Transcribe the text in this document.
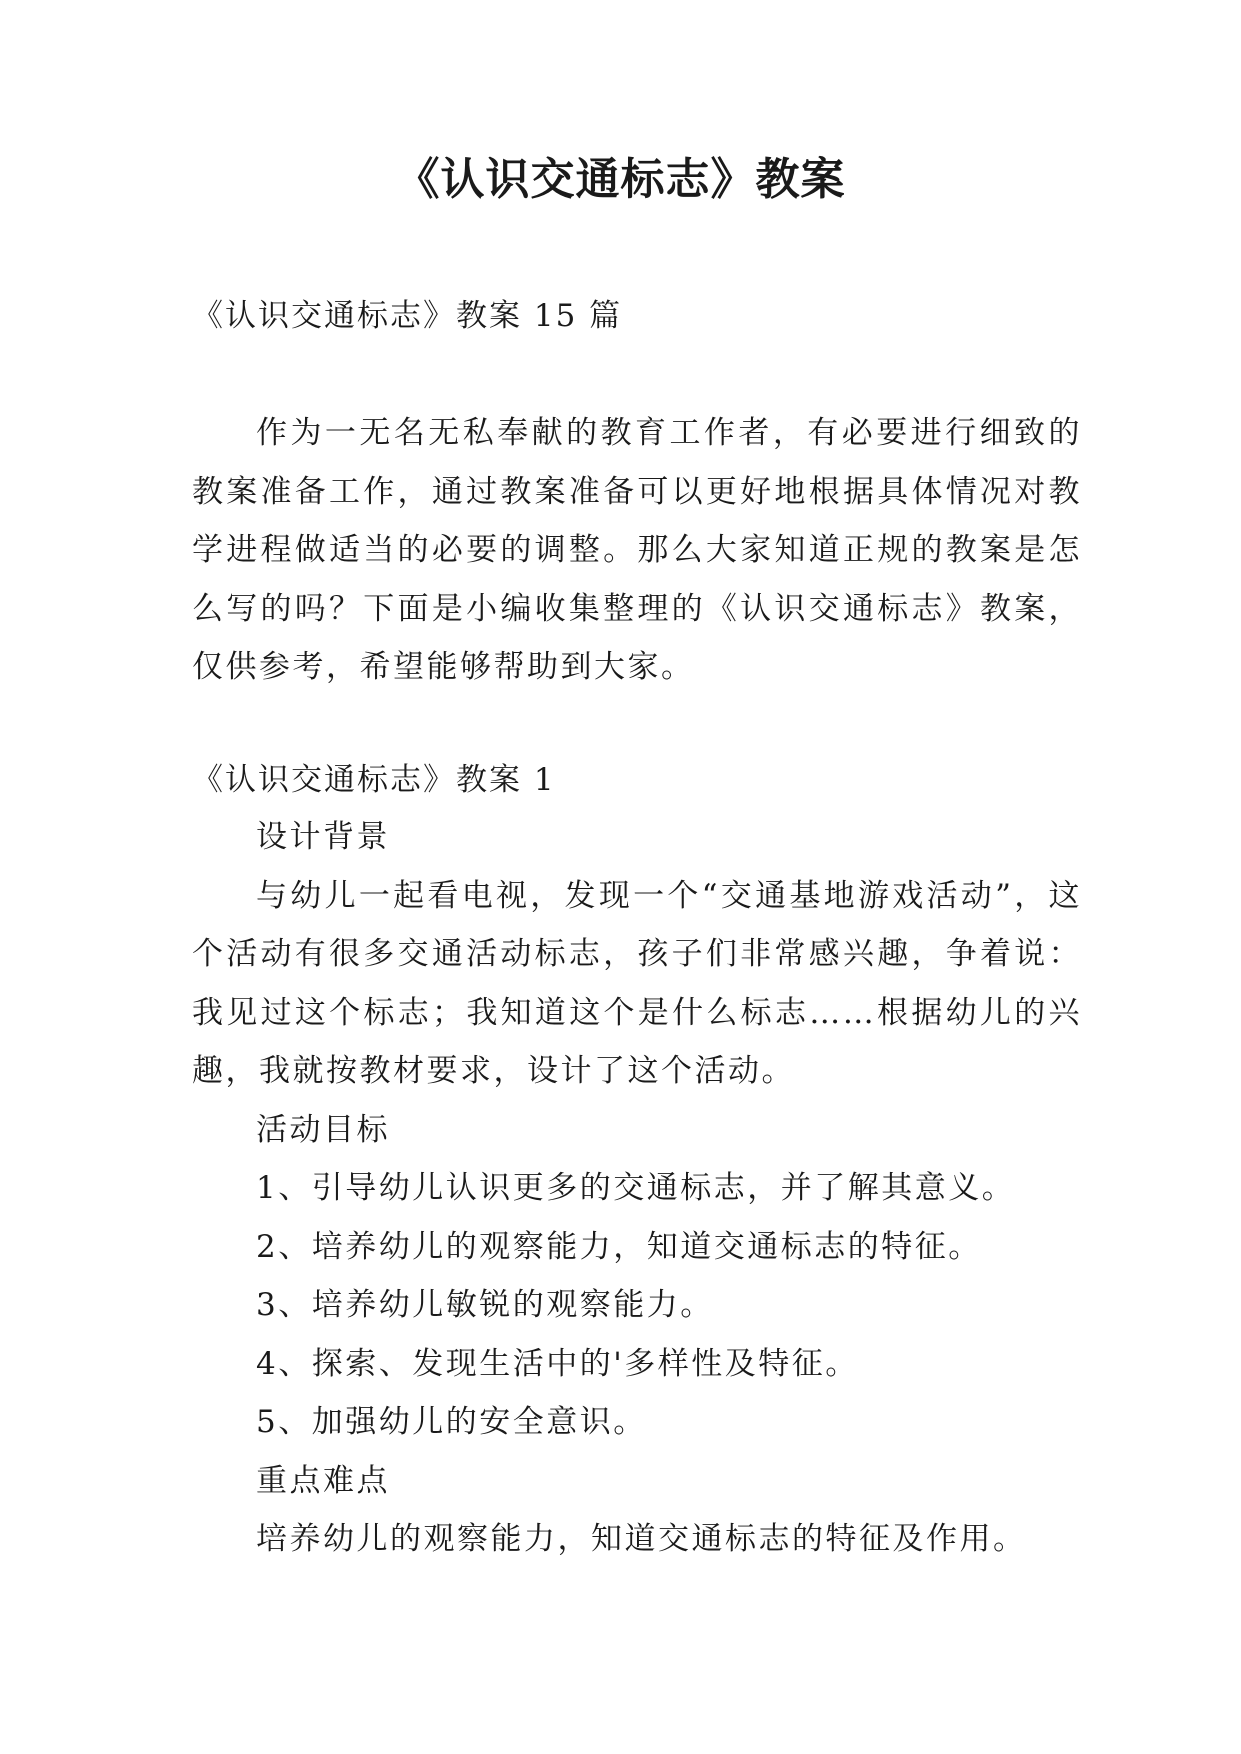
《认识交通标志》教案

《认识交通标志》教案 15 篇

作为一无名无私奉献的教育工作者，有必要进行细致的教案准备工作，通过教案准备可以更好地根据具体情况对教学进程做适当的必要的调整。那么大家知道正规的教案是怎么写的吗？下面是小编收集整理的《认识交通标志》教案，仅供参考，希望能够帮助到大家。

《认识交通标志》教案 1

设计背景

与幼儿一起看电视，发现一个“交通基地游戏活动”，这个活动有很多交通活动标志，孩子们非常感兴趣，争着说：我见过这个标志；我知道这个是什么标志……根据幼儿的兴趣，我就按教材要求，设计了这个活动。

活动目标

1、引导幼儿认识更多的交通标志，并了解其意义。

2、培养幼儿的观察能力，知道交通标志的特征。

3、培养幼儿敏锐的观察能力。

4、探索、发现生活中的'多样性及特征。

5、加强幼儿的安全意识。

重点难点

培养幼儿的观察能力，知道交通标志的特征及作用。
